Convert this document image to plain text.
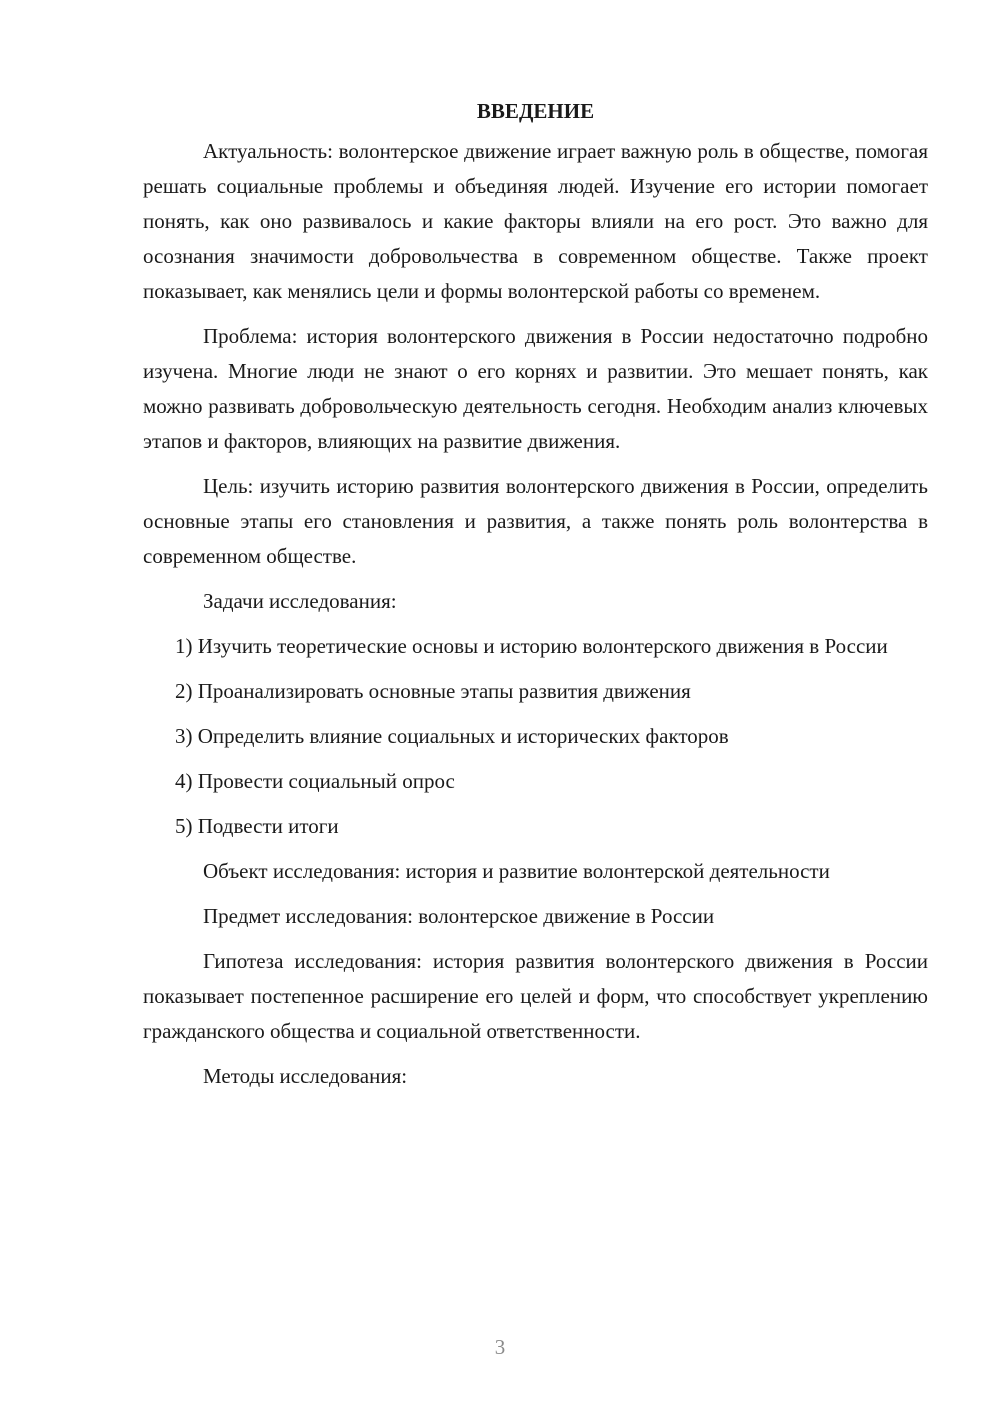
ВВЕДЕНИЕ

Актуальность: волонтерское движение играет важную роль в обществе, помогая решать социальные проблемы и объединяя людей. Изучение его истории помогает понять, как оно развивалось и какие факторы влияли на его рост. Это важно для осознания значимости добровольчества в современном обществе. Также проект показывает, как менялись цели и формы волонтерской работы со временем.

Проблема: история волонтерского движения в России недостаточно подробно изучена. Многие люди не знают о его корнях и развитии. Это мешает понять, как можно развивать добровольческую деятельность сегодня. Необходим анализ ключевых этапов и факторов, влияющих на развитие движения.

Цель: изучить историю развития волонтерского движения в России, определить основные этапы его становления и развития, а также понять роль волонтерства в современном обществе.

Задачи исследования:

1) Изучить теоретические основы и историю волонтерского движения в России

2) Проанализировать основные этапы развития движения

3) Определить влияние социальных и исторических факторов

4) Провести социальный опрос

5) Подвести итоги

Объект исследования: история и развитие волонтерской деятельности

Предмет исследования: волонтерское движение в России

Гипотеза исследования: история развития волонтерского движения в России показывает постепенное расширение его целей и форм, что способствует укреплению гражданского общества и социальной ответственности.

Методы исследования:

3
